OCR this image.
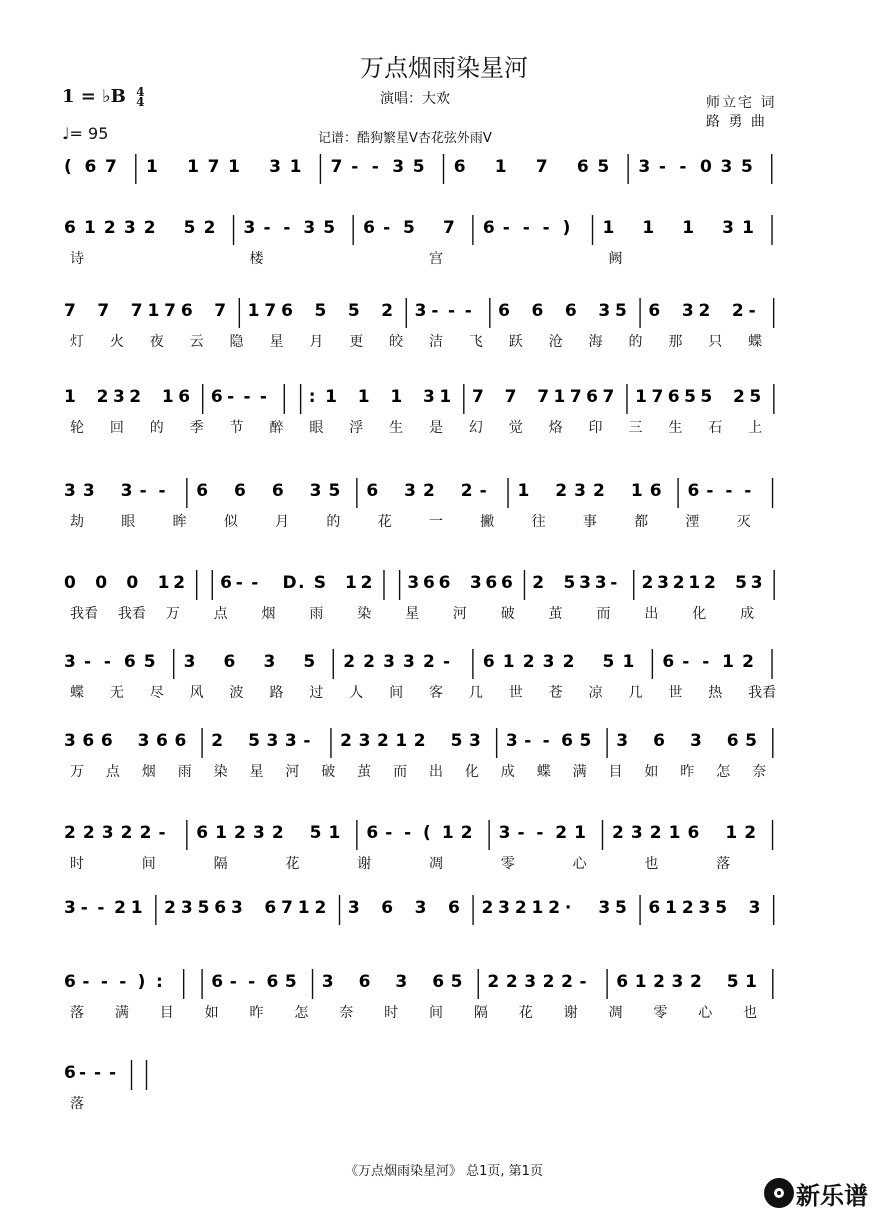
万点烟雨染星河
1 = ♭B 4
4
♩= 95
演唱：大欢
记谱：酷狗繁星V杏花弦外雨V
师立宅 词
路 勇 曲
( 6 7 1 1 7 1 3 1 7 - - 3 5 6 1 7 6 5 3 - - 0 3 5
6 1 2 3 2 5 2 3 - - 3 5 6 - 5 7 6 - - - ) 1 1 1 3 1
诗	楼	宫	阙
7 7 7 1 7 6 7 1 7 6 5 5 2 3 - - - 6 6 6 3 5 6 3 2 2 -
灯 火 夜 云 隐 星 月 更 皎 洁 飞 跃 沧 海 的 那 只 蝶
1 2 3 2 1 6 6 - - - : 1 1 1 3 1 7 7 7 1 7 6 7 1 7 6 5 5 2 5
轮 回 的 季 节 醉 眼 浮 生 是 幻 觉 烙 印 三 生 石 上
3 3 3 - - 6 6 6 3 5 6 3 2 2 - 1 2 3 2 1 6 6 - - -
劫	眼	眸	似	月	的	花	一	撇	往	事	都	湮	灭
0 0 0 1 2 6 - - D . S 1 2 3 6 6 3 6 6 2 5 3 3 - 2 3 2 1 2 5 3
我看 我看 万 点 烟 雨 染 星 河 破 茧 而 出 化 成
3 - - 6 5 3 6 3 5 2 2 3 3 2 - 6 1 2 3 2 5 1 6 - - 1 2
蝶 无 尽 风 波 路 过 人 间 客 几 世 苍 凉 几 世 热 我看
3 6 6 3 6 6 2 5 3 3 - 2 3 2 1 2 5 3 3 - - 6 5 3 6 3 6 5
万 点 烟 雨 染 星 河 破 茧 而 出 化 成 蝶 满 目 如 昨 怎 奈
2 2 3 2 2 - 6 1 2 3 2 5 1 6 - - ( 1 2 3 - - 2 1 2 3 2 1 6 1 2
时	间	隔	花	谢	凋	零	心	也	落
3 - - 2 1 2 3 5 6 3 6 7 1 2 3 6 3 6 2 3 2 1 2 · 3 5 6 1 2 3 5 3
6 - - - ) :	6 - - 6 5 3 6 3 6 5 2 2 3 2 2 - 6 1 2 3 2 5 1
落 满 目 如 昨 怎 奈 时 间 隔 花 谢 凋 零 心 也
6 - - -
落
《万点烟雨染星河》 总1页, 第1页
新乐谱
